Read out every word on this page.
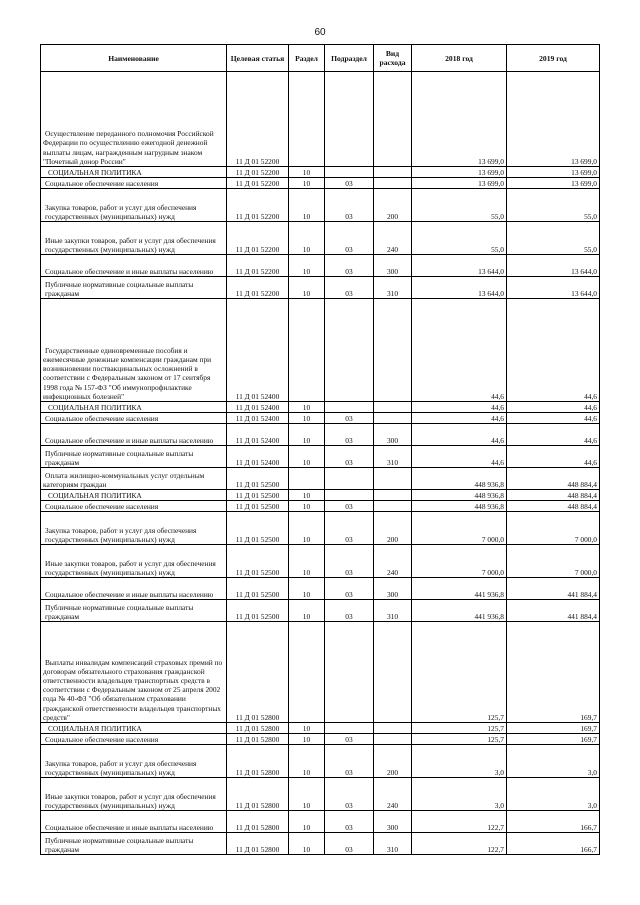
60
Наименование	Целевая статья	Раздел	Подраздел	Вид расхода	2018 год	2019 год
Осуществление переданного полномочия Российской Федерации по осуществлению ежегодной денежной выплаты лицам, награжденным нагрудным знаком "Почетный донор России"	11 Д 01 52200				13 699,0	13 699,0
СОЦИАЛЬНАЯ ПОЛИТИКА	11 Д 01 52200	10			13 699,0	13 699,0
Социальное обеспечение населения	11 Д 01 52200	10	03		13 699,0	13 699,0
Закупка товаров, работ и услуг для обеспечения государственных (муниципальных) нужд	11 Д 01 52200	10	03	200	55,0	55,0
Иные закупки товаров, работ и услуг для обеспечения государственных (муниципальных) нужд	11 Д 01 52200	10	03	240	55,0	55,0
Социальное обеспечение и иные выплаты населению	11 Д 01 52200	10	03	300	13 644,0	13 644,0
Публичные нормативные социальные выплаты гражданам	11 Д 01 52200	10	03	310	13 644,0	13 644,0
Государственные единовременные пособия и ежемесячные денежные компенсации гражданам при возникновении поствакцинальных осложнений в соответствии с Федеральным законом от 17 сентября 1998 года № 157-ФЗ "Об иммунопрофилактике инфекционных болезней"	11 Д 01 52400				44,6	44,6
СОЦИАЛЬНАЯ ПОЛИТИКА	11 Д 01 52400	10			44,6	44,6
Социальное обеспечение населения	11 Д 01 52400	10	03		44,6	44,6
Социальное обеспечение и иные выплаты населению	11 Д 01 52400	10	03	300	44,6	44,6
Публичные нормативные социальные выплаты гражданам	11 Д 01 52400	10	03	310	44,6	44,6
Оплата жилищно-коммунальных услуг отдельным категориям граждан	11 Д 01 52500				448 936,8	448 884,4
СОЦИАЛЬНАЯ ПОЛИТИКА	11 Д 01 52500	10			448 936,8	448 884,4
Социальное обеспечение населения	11 Д 01 52500	10	03		448 936,8	448 884,4
Закупка товаров, работ и услуг для обеспечения государственных (муниципальных) нужд	11 Д 01 52500	10	03	200	7 000,0	7 000,0
Иные закупки товаров, работ и услуг для обеспечения государственных (муниципальных) нужд	11 Д 01 52500	10	03	240	7 000,0	7 000,0
Социальное обеспечение и иные выплаты населению	11 Д 01 52500	10	03	300	441 936,8	441 884,4
Публичные нормативные социальные выплаты гражданам	11 Д 01 52500	10	03	310	441 936,8	441 884,4
Выплаты инвалидам компенсаций страховых премий по договорам обязательного страхования гражданской ответственности владельцев транспортных средств в соответствии с Федеральным законом от 25 апреля 2002 года № 40-ФЗ "Об обязательном страховании гражданской ответственности владельцев транспортных средств"	11 Д 01 52800				125,7	169,7
СОЦИАЛЬНАЯ ПОЛИТИКА	11 Д 01 52800	10			125,7	169,7
Социальное обеспечение населения	11 Д 01 52800	10	03		125,7	169,7
Закупка товаров, работ и услуг для обеспечения государственных (муниципальных) нужд	11 Д 01 52800	10	03	200	3,0	3,0
Иные закупки товаров, работ и услуг для обеспечения государственных (муниципальных) нужд	11 Д 01 52800	10	03	240	3,0	3,0
Социальное обеспечение и иные выплаты населению	11 Д 01 52800	10	03	300	122,7	166,7
Публичные нормативные социальные выплаты гражданам	11 Д 01 52800	10	03	310	122,7	166,7
